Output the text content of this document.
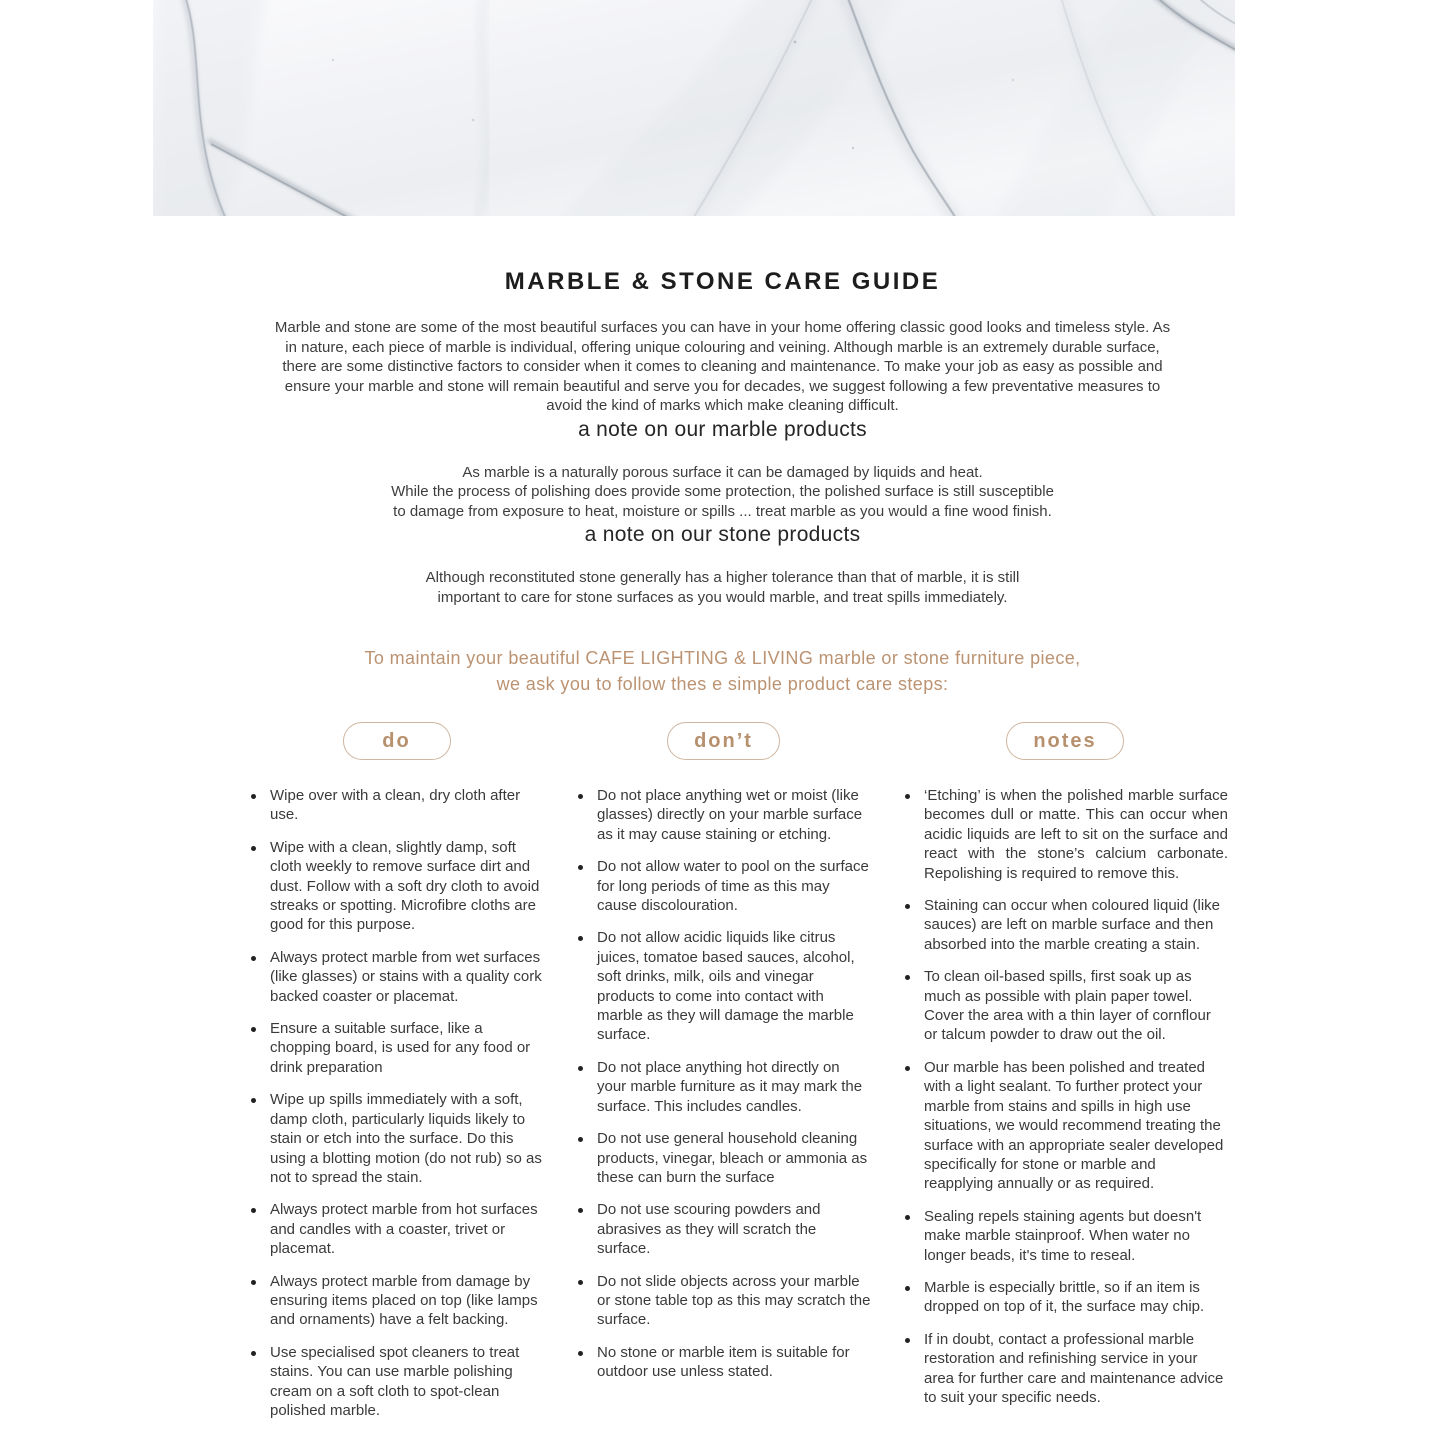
MARBLE & STONE CARE GUIDE

Marble and stone are some of the most beautiful surfaces you can have in your home offering classic good looks and timeless style. As in nature, each piece of marble is individual, offering unique colouring and veining. Although marble is an extremely durable surface, there are some distinctive factors to consider when it comes to cleaning and maintenance. To make your job as easy as possible and ensure your marble and stone will remain beautiful and serve you for decades, we suggest following a few preventative measures to avoid the kind of marks which make cleaning difficult.

a note on our marble products
As marble is a naturally porous surface it can be damaged by liquids and heat.
While the process of polishing does provide some protection, the polished surface is still susceptible
to damage from exposure to heat, moisture or spills ... treat marble as you would a fine wood finish.
a note on our stone products
Although reconstituted stone generally has a higher tolerance than that of marble, it is still
important to care for stone surfaces as you would marble, and treat spills immediately.
To maintain your beautiful CAFE LIGHTING & LIVING marble or stone furniture piece,
we ask you to follow thes e simple product care steps:
do
Wipe over with a clean, dry cloth after use.
Wipe with a clean, slightly damp, soft cloth weekly to remove surface dirt and dust. Follow with a soft dry cloth to avoid streaks or spotting. Microfibre cloths are good for this purpose.
Always protect marble from wet surfaces (like glasses) or stains with a quality cork backed coaster or placemat.
Ensure a suitable surface, like a chopping board, is used for any food or drink preparation
Wipe up spills immediately with a soft, damp cloth, particularly liquids likely to stain or etch into the surface. Do this using a blotting motion (do not rub) so as not to spread the stain.
Always protect marble from hot surfaces and candles with a coaster, trivet or placemat.
Always protect marble from damage by ensuring items placed on top (like lamps and ornaments) have a felt backing.
Use specialised spot cleaners to treat stains. You can use marble polishing cream on a soft cloth to spot-clean polished marble.
don’t
Do not place anything wet or moist (like glasses) directly on your marble surface as it may cause staining or etching.
Do not allow water to pool on the surface for long periods of time as this may cause discolouration.
Do not allow acidic liquids like citrus juices, tomatoe based sauces, alcohol, soft drinks, milk, oils and vinegar products to come into contact with marble as they will damage the marble surface.
Do not place anything hot directly on your marble furniture as it may mark the surface. This includes candles.
Do not use general household cleaning products, vinegar, bleach or ammonia as these can burn the surface
Do not use scouring powders and abrasives as they will scratch the surface.
Do not slide objects across your marble or stone table top as this may scratch the surface.
No stone or marble item is suitable for outdoor use unless stated.
notes
‘Etching’ is when the polished marble surface becomes dull or matte. This can occur when acidic liquids are left to sit on the surface and react with the stone’s calcium carbonate. Repolishing is required to remove this.
Staining can occur when coloured liquid (like sauces) are left on marble surface and then absorbed into the marble creating a stain.
To clean oil-based spills, first soak up as much as possible with plain paper towel. Cover the area with a thin layer of cornflour or talcum powder to draw out the oil.
Our marble has been polished and treated with a light sealant. To further protect your marble from stains and spills in high use situations, we would recommend treating the surface with an appropriate sealer developed specifically for stone or marble and reapplying annually or as required.
Sealing repels staining agents but doesn't make marble stainproof. When water no longer beads, it's time to reseal.
Marble is especially brittle, so if an item is dropped on top of it, the surface may chip.
If in doubt, contact a professional marble restoration and refinishing service in your area for further care and maintenance advice to suit your specific needs.
